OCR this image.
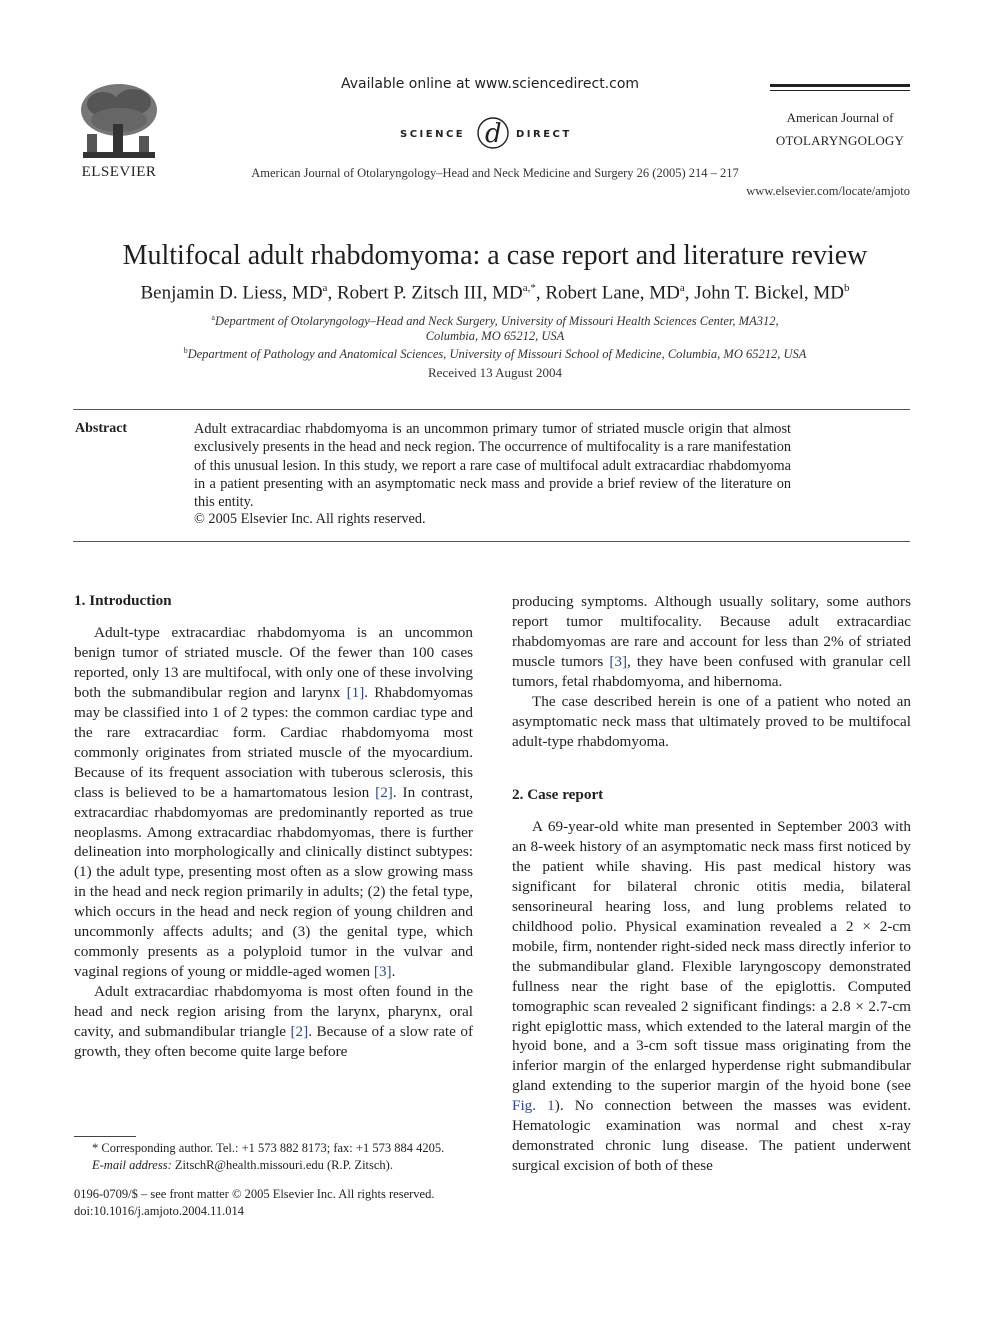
ELSEVIER
Available online at www.sciencedirect.com
SCIENCE d DIRECT
American Journal of Otolaryngology–Head and Neck Medicine and Surgery 26 (2005) 214 – 217
American Journal of
OTOLARYNGOLOGY
www.elsevier.com/locate/amjoto
Multifocal adult rhabdomyoma: a case report and literature review
Benjamin D. Liess, $MD^a$, Robert P. Zitsch III, $MD^{a,*}$, Robert Lane, $MD^a$, John T. Bickel, $MD^b$
$^a$Department of Otolaryngology–Head and Neck Surgery, University of Missouri Health Sciences Center, MA312,
Columbia, MO 65212, USA
$^b$Department of Pathology and Anatomical Sciences, University of Missouri School of Medicine, Columbia, MO 65212, USA
Received 13 August 2004
Abstract	Adult extracardiac rhabdomyoma is an uncommon primary tumor of striated muscle origin that almost exclusively presents in the head and neck region. The occurrence of multifocality is a rare manifestation of this unusual lesion. In this study, we report a rare case of multifocal adult extracardiac rhabdomyoma in a patient presenting with an asymptomatic neck mass and provide a brief review of the literature on this entity.
© 2005 Elsevier Inc. All rights reserved.
1. Introduction

Adult-type extracardiac rhabdomyoma is an uncommon benign tumor of striated muscle. Of the fewer than 100 cases reported, only 13 are multifocal, with only one of these involving both the submandibular region and larynx [1]. Rhabdomyomas may be classified into 1 of 2 types: the common cardiac type and the rare extracardiac form. Cardiac rhabdomyoma most commonly originates from striated muscle of the myocardium. Because of its frequent association with tuberous sclerosis, this class is believed to be a hamartomatous lesion [2]. In contrast, extracardiac rhabdomyomas are predominantly reported as true neoplasms. Among extracardiac rhabdomyomas, there is further delineation into morphologically and clinically distinct subtypes: (1) the adult type, presenting most often as a slow growing mass in the head and neck region primarily in adults; (2) the fetal type, which occurs in the head and neck region of young children and uncommonly affects adults; and (3) the genital type, which commonly presents as a polyploid tumor in the vulvar and vaginal regions of young or middle-aged women [3].

Adult extracardiac rhabdomyoma is most often found in the head and neck region arising from the larynx, pharynx, oral cavity, and submandibular triangle [2]. Because of a slow rate of growth, they often become quite large before

producing symptoms. Although usually solitary, some authors report tumor multifocality. Because adult extracardiac rhabdomyomas are rare and account for less than 2% of striated muscle tumors [3], they have been confused with granular cell tumors, fetal rhabdomyoma, and hibernoma.

The case described herein is one of a patient who noted an asymptomatic neck mass that ultimately proved to be multifocal adult-type rhabdomyoma.

2. Case report

A 69-year-old white man presented in September 2003 with an 8-week history of an asymptomatic neck mass first noticed by the patient while shaving. His past medical history was significant for bilateral chronic otitis media, bilateral sensorineural hearing loss, and lung problems related to childhood polio. Physical examination revealed a 2 × 2-cm mobile, firm, nontender right-sided neck mass directly inferior to the submandibular gland. Flexible laryngoscopy demonstrated fullness near the right base of the epiglottis. Computed tomographic scan revealed 2 significant findings: a 2.8 × 2.7-cm right epiglottic mass, which extended to the lateral margin of the hyoid bone, and a 3-cm soft tissue mass originating from the inferior margin of the enlarged hyperdense right submandibular gland extending to the superior margin of the hyoid bone (see Fig. 1). No connection between the masses was evident. Hematologic examination was normal and chest x-ray demonstrated chronic lung disease. The patient underwent surgical excision of both of these

* Corresponding author. Tel.: +1 573 882 8173; fax: +1 573 884 4205.
E-mail address: ZitschR@health.missouri.edu (R.P. Zitsch).
0196-0709/$ – see front matter © 2005 Elsevier Inc. All rights reserved.
doi:10.1016/j.amjoto.2004.11.014
